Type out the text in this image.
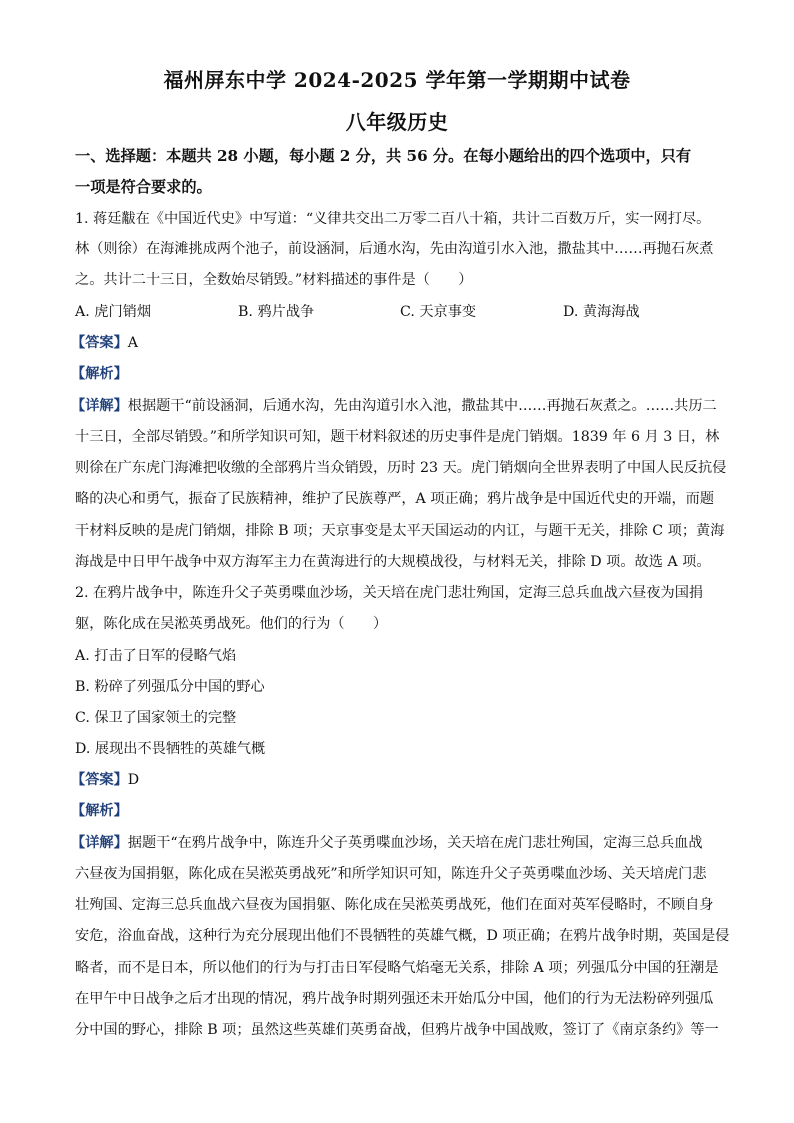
福州屏东中学 2024-2025 学年第一学期期中试卷
八年级历史
一、选择题：本题共 28 小题，每小题 2 分，共 56 分。在每小题给出的四个选项中，只有
一项是符合要求的。
1. 蒋廷黻在《中国近代史》中写道：“义律共交出二万零二百八十箱，共计二百数万斤，实一网打尽。
林（则徐）在海滩挑成两个池子，前设涵洞，后通水沟，先由沟道引水入池，撒盐其中……再抛石灰煮
之。共计二十三日，全数始尽销毁。”材料描述的事件是（　　）
A. 虎门销烟	B. 鸦片战争	C. 天京事变	D. 黄海海战
【答案】A
【解析】
【详解】根据题干“前设涵洞，后通水沟，先由沟道引水入池，撒盐其中……再抛石灰煮之。……共历二
十三日，全部尽销毁。”和所学知识可知，题干材料叙述的历史事件是虎门销烟。1839 年 6 月 3 日，林
则徐在广东虎门海滩把收缴的全部鸦片当众销毁，历时 23 天。虎门销烟向全世界表明了中国人民反抗侵
略的决心和勇气，振奋了民族精神，维护了民族尊严，A 项正确；鸦片战争是中国近代史的开端，而题
干材料反映的是虎门销烟，排除 B 项；天京事变是太平天国运动的内讧，与题干无关，排除 C 项；黄海
海战是中日甲午战争中双方海军主力在黄海进行的大规模战役，与材料无关，排除 D 项。故选 A 项。
2. 在鸦片战争中，陈连升父子英勇喋血沙场，关天培在虎门悲壮殉国，定海三总兵血战六昼夜为国捐
躯，陈化成在吴淞英勇战死。他们的行为（　　）
A. 打击了日军的侵略气焰
B. 粉碎了列强瓜分中国的野心
C. 保卫了国家领土的完整
D. 展现出不畏牺牲的英雄气概
【答案】D
【解析】
【详解】据题干“在鸦片战争中，陈连升父子英勇喋血沙场，关天培在虎门悲壮殉国，定海三总兵血战
六昼夜为国捐躯，陈化成在吴淞英勇战死”和所学知识可知，陈连升父子英勇喋血沙场、关天培虎门悲
壮殉国、定海三总兵血战六昼夜为国捐躯、陈化成在吴淞英勇战死，他们在面对英军侵略时，不顾自身
安危，浴血奋战，这种行为充分展现出他们不畏牺牲的英雄气概，D 项正确；在鸦片战争时期，英国是侵
略者，而不是日本，所以他们的行为与打击日军侵略气焰毫无关系，排除 A 项；列强瓜分中国的狂潮是
在甲午中日战争之后才出现的情况，鸦片战争时期列强还未开始瓜分中国，他们的行为无法粉碎列强瓜
分中国的野心，排除 B 项；虽然这些英雄们英勇奋战，但鸦片战争中国战败，签订了《南京条约》等一
